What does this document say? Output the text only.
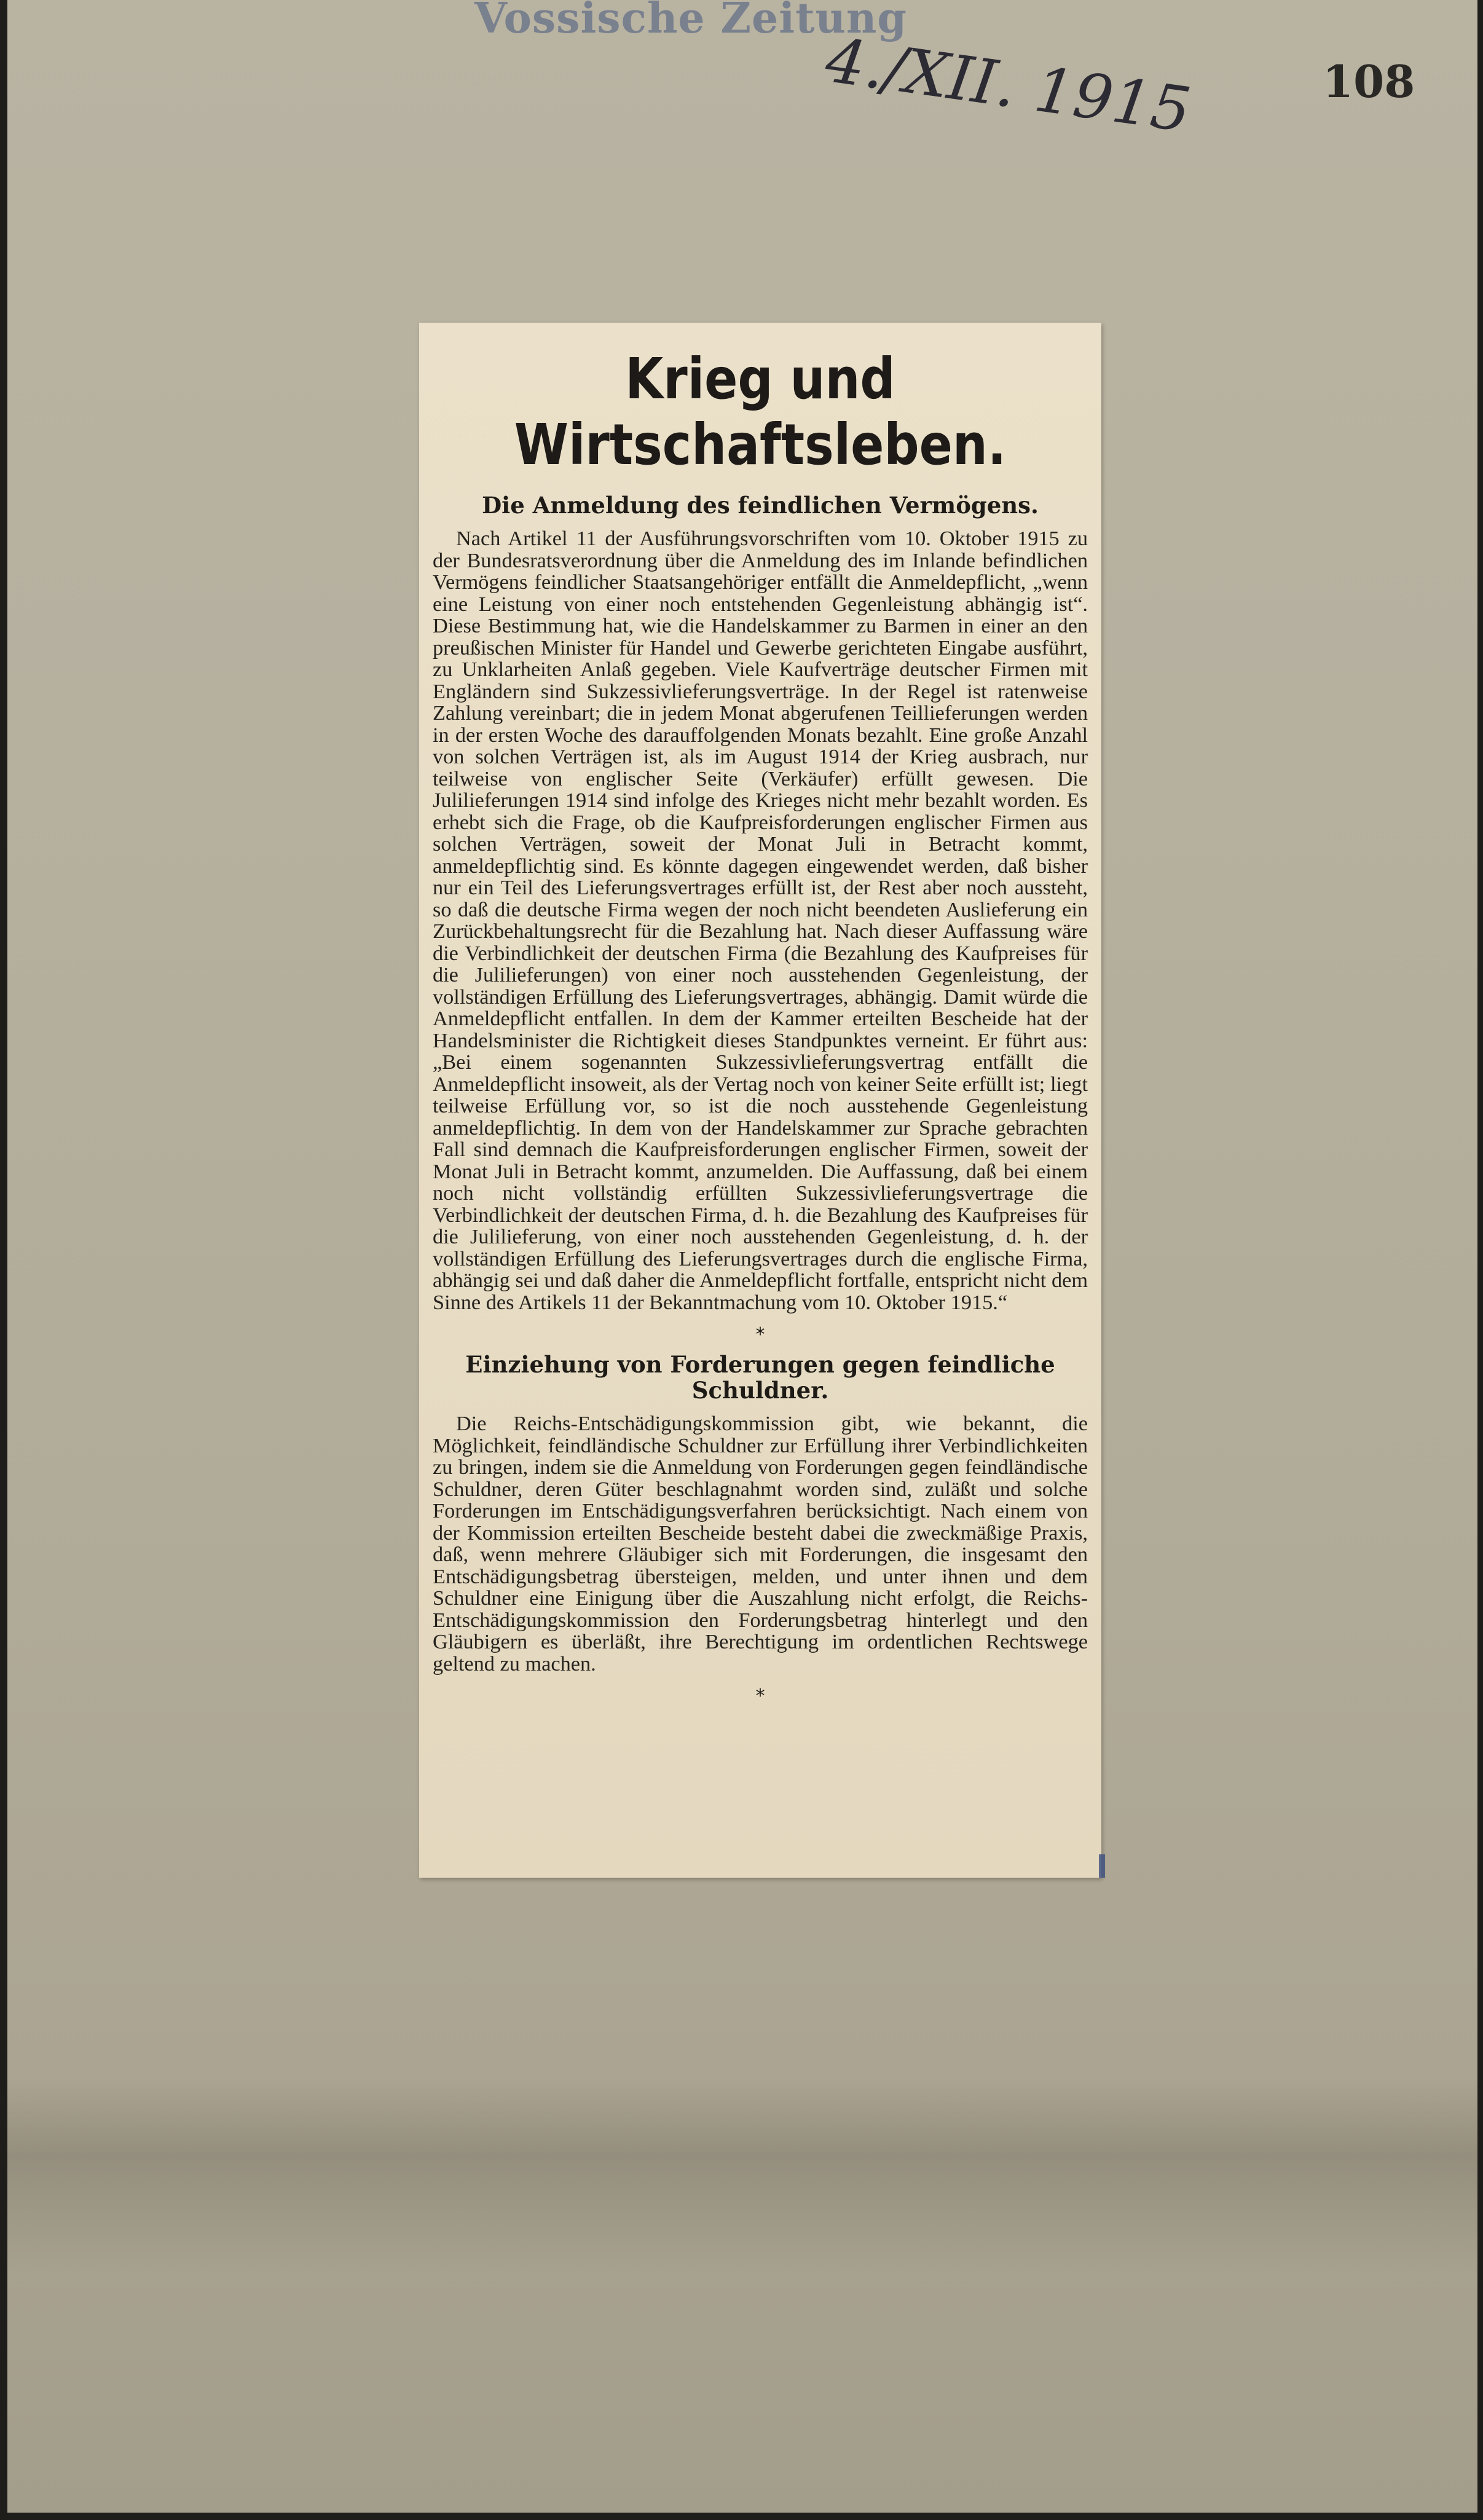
Vossische Zeitung
4./XII. 1915	108
Krieg und Wirtschaftsleben.
Die Anmeldung des feindlichen Vermögens.

Nach Artikel 11 der Ausführungsvorschriften vom 10. Oktober 1915 zu der Bundesratsverordnung über die Anmeldung des im Inlande befindlichen Vermögens feindlicher Staatsangehöriger entfällt die Anmeldepflicht, „wenn eine Leistung von einer noch entstehenden Gegenleistung abhängig ist“. Diese Bestimmung hat, wie die Handelskammer zu Barmen in einer an den preußischen Minister für Handel und Gewerbe gerichteten Eingabe ausführt, zu Unklarheiten Anlaß gegeben. Viele Kaufverträge deutscher Firmen mit Engländern sind Sukzessivlieferungsverträge. In der Regel ist ratenweise Zahlung vereinbart; die in jedem Monat abgerufenen Teillieferungen werden in der ersten Woche des darauffolgenden Monats bezahlt. Eine große Anzahl von solchen Verträgen ist, als im August 1914 der Krieg ausbrach, nur teilweise von englischer Seite (Verkäufer) erfüllt gewesen. Die Julilieferungen 1914 sind infolge des Krieges nicht mehr bezahlt worden. Es erhebt sich die Frage, ob die Kaufpreisforderungen englischer Firmen aus solchen Verträgen, soweit der Monat Juli in Betracht kommt, anmeldepflichtig sind. Es könnte dagegen eingewendet werden, daß bisher nur ein Teil des Lieferungsvertrages erfüllt ist, der Rest aber noch aussteht, so daß die deutsche Firma wegen der noch nicht beendeten Auslieferung ein Zurückbehaltungsrecht für die Bezahlung hat. Nach dieser Auffassung wäre die Verbindlichkeit der deutschen Firma (die Bezahlung des Kaufpreises für die Julilieferungen) von einer noch ausstehenden Gegenleistung, der vollständigen Erfüllung des Lieferungsvertrages, abhängig. Damit würde die Anmeldepflicht entfallen. In dem der Kammer erteilten Bescheide hat der Handelsminister die Richtigkeit dieses Standpunktes verneint. Er führt aus: „Bei einem sogenannten Sukzessivlieferungsvertrag entfällt die Anmeldepflicht insoweit, als der Vertag noch von keiner Seite erfüllt ist; liegt teilweise Erfüllung vor, so ist die noch ausstehende Gegenleistung anmeldepflichtig. In dem von der Handelskammer zur Sprache gebrachten Fall sind demnach die Kaufpreisforderungen englischer Firmen, soweit der Monat Juli in Betracht kommt, anzumelden. Die Auffassung, daß bei einem noch nicht vollständig erfüllten Sukzessivlieferungsvertrage die Verbindlichkeit der deutschen Firma, d. h. die Bezahlung des Kaufpreises für die Julilieferung, von einer noch ausstehenden Gegenleistung, d. h. der vollständigen Erfüllung des Lieferungsvertrages durch die englische Firma, abhängig sei und daß daher die Anmeldepflicht fortfalle, entspricht nicht dem Sinne des Artikels 11 der Bekanntmachung vom 10. Oktober 1915.“

*
Einziehung von Forderungen gegen feindliche Schuldner.

Die Reichs-Entschädigungskommission gibt, wie bekannt, die Möglichkeit, feindländische Schuldner zur Erfüllung ihrer Verbindlichkeiten zu bringen, indem sie die Anmeldung von Forderungen gegen feindländische Schuldner, deren Güter beschlagnahmt worden sind, zuläßt und solche Forderungen im Entschädigungsverfahren berücksichtigt. Nach einem von der Kommission erteilten Bescheide besteht dabei die zweckmäßige Praxis, daß, wenn mehrere Gläubiger sich mit Forderungen, die insgesamt den Entschädigungsbetrag übersteigen, melden, und unter ihnen und dem Schuldner eine Einigung über die Auszahlung nicht erfolgt, die Reichs-Entschädigungskommission den Forderungsbetrag hinterlegt und den Gläubigern es überläßt, ihre Berechtigung im ordentlichen Rechtswege geltend zu machen.

*
